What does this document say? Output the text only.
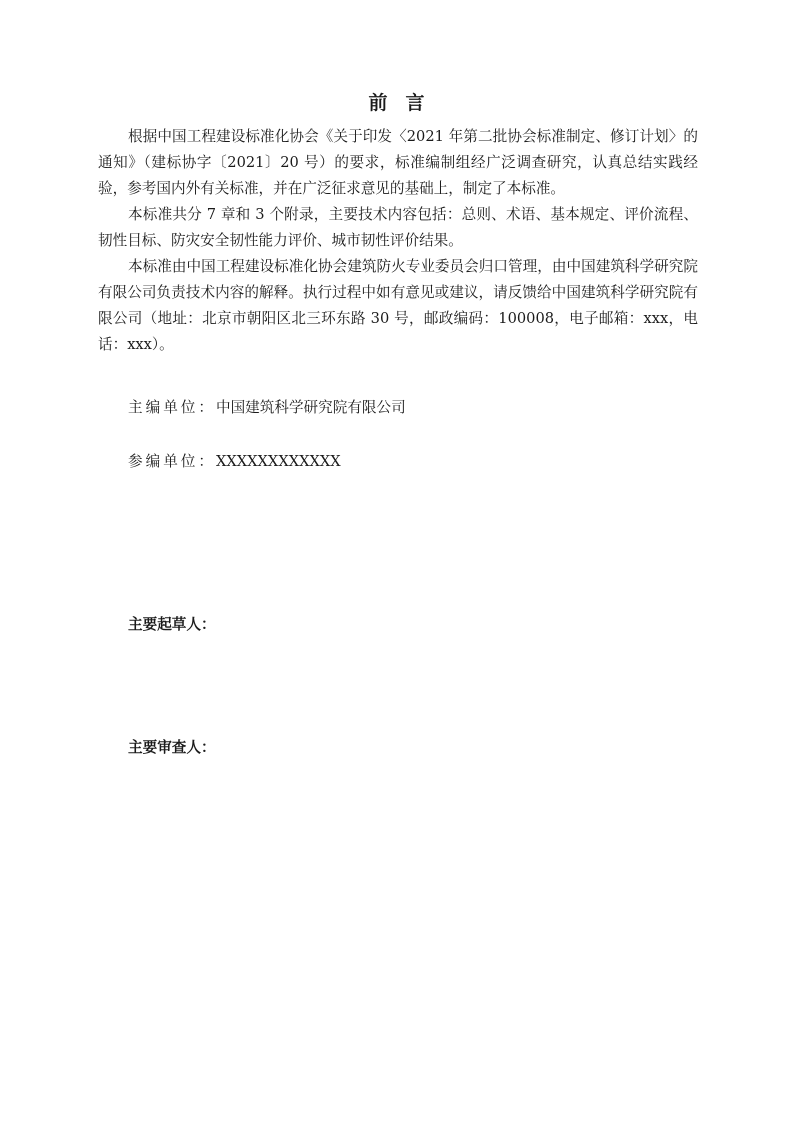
前言

根据中国工程建设标准化协会《关于印发〈2021 年第二批协会标准制定、修订计划〉的通知》（建标协字〔2021〕20 号）的要求，标准编制组经广泛调查研究，认真总结实践经验，参考国内外有关标准，并在广泛征求意见的基础上，制定了本标准。

本标准共分 7 章和 3 个附录，主要技术内容包括：总则、术语、基本规定、评价流程、韧性目标、防灾安全韧性能力评价、城市韧性评价结果。

本标准由中国工程建设标准化协会建筑防火专业委员会归口管理，由中国建筑科学研究院有限公司负责技术内容的解释。执行过程中如有意见或建议，请反馈给中国建筑科学研究院有限公司（地址：北京市朝阳区北三环东路 30 号，邮政编码：100008，电子邮箱：xxx，电话：xxx）。

主编单位：中国建筑科学研究院有限公司
参编单位：XXXXXXXXXXXX
主要起草人：
主要审查人：
